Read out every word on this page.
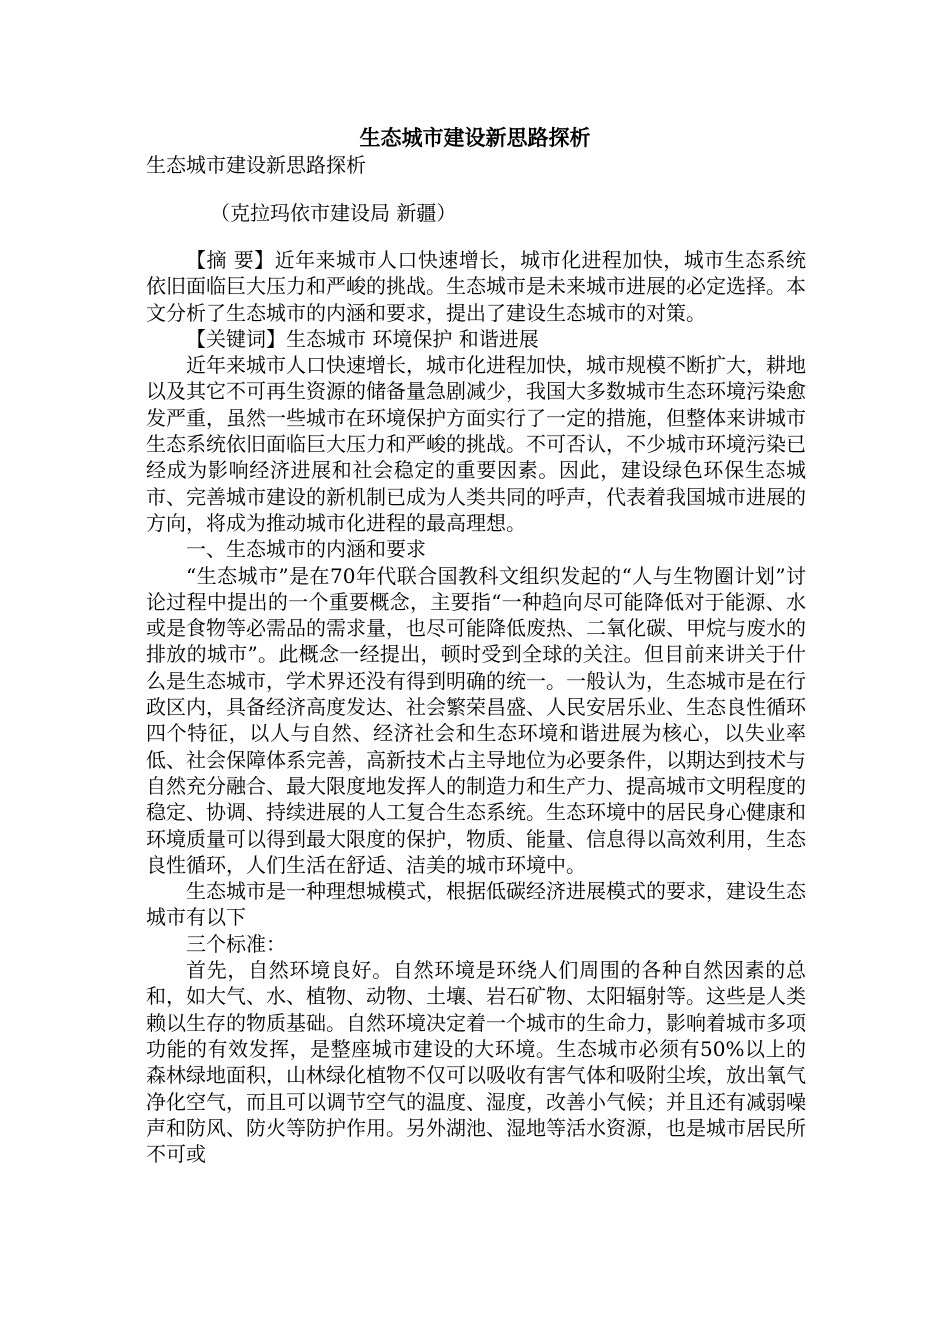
生态城市建设新思路探析
生态城市建设新思路探析
（克拉玛依市建设局 新疆）

【摘 要】近年来城市人口快速增长，城市化进程加快，城市生态系统依旧面临巨大压力和严峻的挑战。生态城市是未来城市进展的必定选择。本文分析了生态城市的内涵和要求，提出了建设生态城市的对策。

【关键词】生态城市 环境保护 和谐进展

近年来城市人口快速增长，城市化进程加快，城市规模不断扩大，耕地以及其它不可再生资源的储备量急剧减少，我国大多数城市生态环境污染愈发严重，虽然一些城市在环境保护方面实行了一定的措施，但整体来讲城市生态系统依旧面临巨大压力和严峻的挑战。不可否认，不少城市环境污染已经成为影响经济进展和社会稳定的重要因素。因此，建设绿色环保生态城市、完善城市建设的新机制已成为人类共同的呼声，代表着我国城市进展的方向，将成为推动城市化进程的最高理想。

一、生态城市的内涵和要求

“生态城市”是在70年代联合国教科文组织发起的“人与生物圈计划”讨论过程中提出的一个重要概念，主要指“一种趋向尽可能降低对于能源、水或是食物等必需品的需求量，也尽可能降低废热、二氧化碳、甲烷与废水的排放的城市”。此概念一经提出，顿时受到全球的关注。但目前来讲关于什么是生态城市，学术界还没有得到明确的统一。一般认为，生态城市是在行政区内，具备经济高度发达、社会繁荣昌盛、人民安居乐业、生态良性循环四个特征，以人与自然、经济社会和生态环境和谐进展为核心，以失业率低、社会保障体系完善，高新技术占主导地位为必要条件，以期达到技术与自然充分融合、最大限度地发挥人的制造力和生产力、提高城市文明程度的稳定、协调、持续进展的人工复合生态系统。生态环境中的居民身心健康和环境质量可以得到最大限度的保护，物质、能量、信息得以高效利用，生态良性循环，人们生活在舒适、洁美的城市环境中。

生态城市是一种理想城模式，根据低碳经济进展模式的要求，建设生态城市有以下

三个标准：

首先，自然环境良好。自然环境是环绕人们周围的各种自然因素的总和，如大气、水、植物、动物、土壤、岩石矿物、太阳辐射等。这些是人类赖以生存的物质基础。自然环境决定着一个城市的生命力，影响着城市多项功能的有效发挥，是整座城市建设的大环境。生态城市必须有50%以上的森林绿地面积，山林绿化植物不仅可以吸收有害气体和吸附尘埃，放出氧气净化空气，而且可以调节空气的温度、湿度，改善小气候；并且还有减弱噪声和防风、防火等防护作用。另外湖池、湿地等活水资源，也是城市居民所不可或
